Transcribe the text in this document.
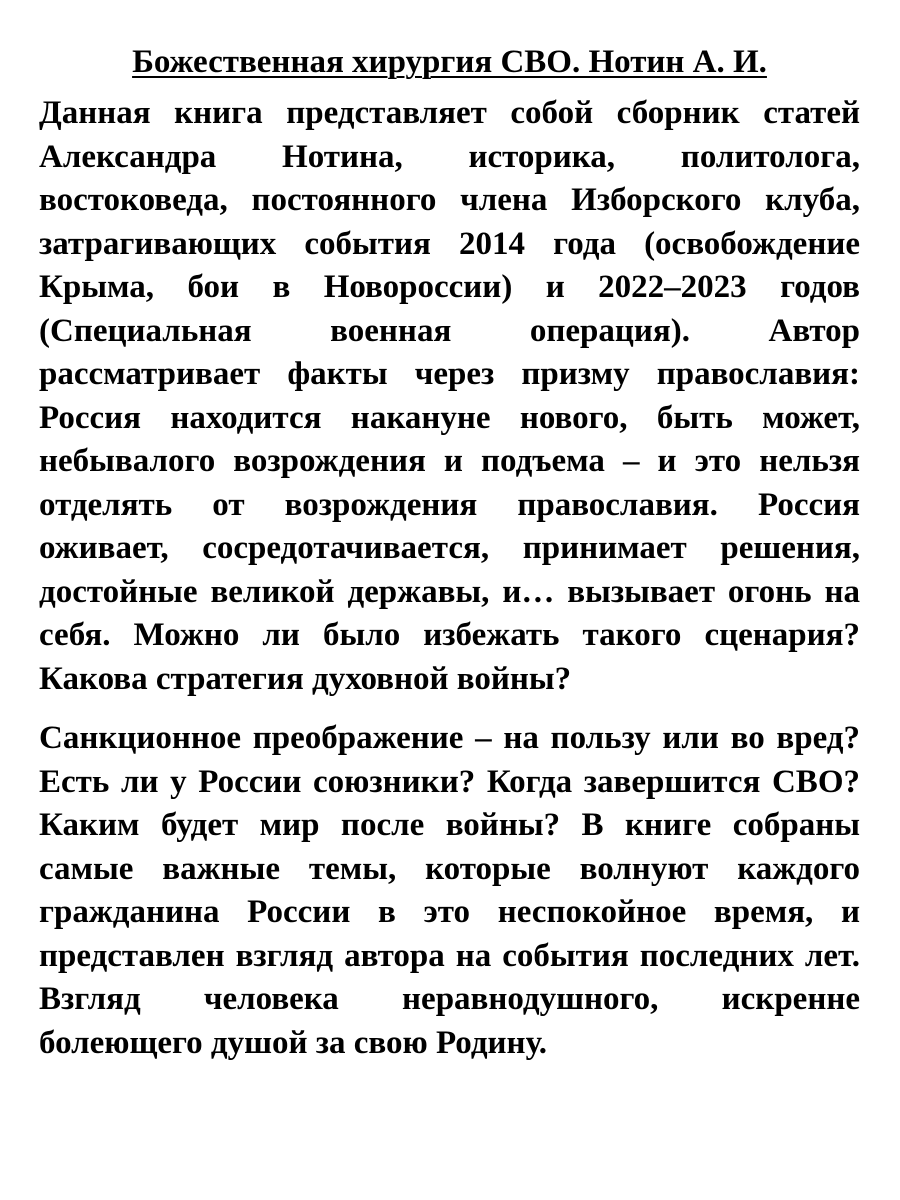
Божественная хирургия СВО. Нотин А. И.

Данная книга представляет собой сборник статей Александра Нотина, историка, политолога, востоковеда, постоянного члена Изборского клуба, затрагивающих события 2014 года (освобождение Крыма, бои в Новороссии) и 2022–2023 годов (Специальная военная операция). Автор рассматривает факты через призму православия: Россия находится накануне нового, быть может, небывалого возрождения и подъема – и это нельзя отделять от возрождения православия. Россия оживает, сосредотачивается, принимает решения, достойные великой державы, и… вызывает огонь на себя. Можно ли было избежать такого сценария? Какова стратегия духовной войны?

Санкционное преображение – на пользу или во вред? Есть ли у России союзники? Когда завершится СВО? Каким будет мир после войны? В книге собраны самые важные темы, которые волнуют каждого гражданина России в это неспокойное время, и представлен взгляд автора на события последних лет. Взгляд человека неравнодушного, искренне болеющего душой за свою Родину.
